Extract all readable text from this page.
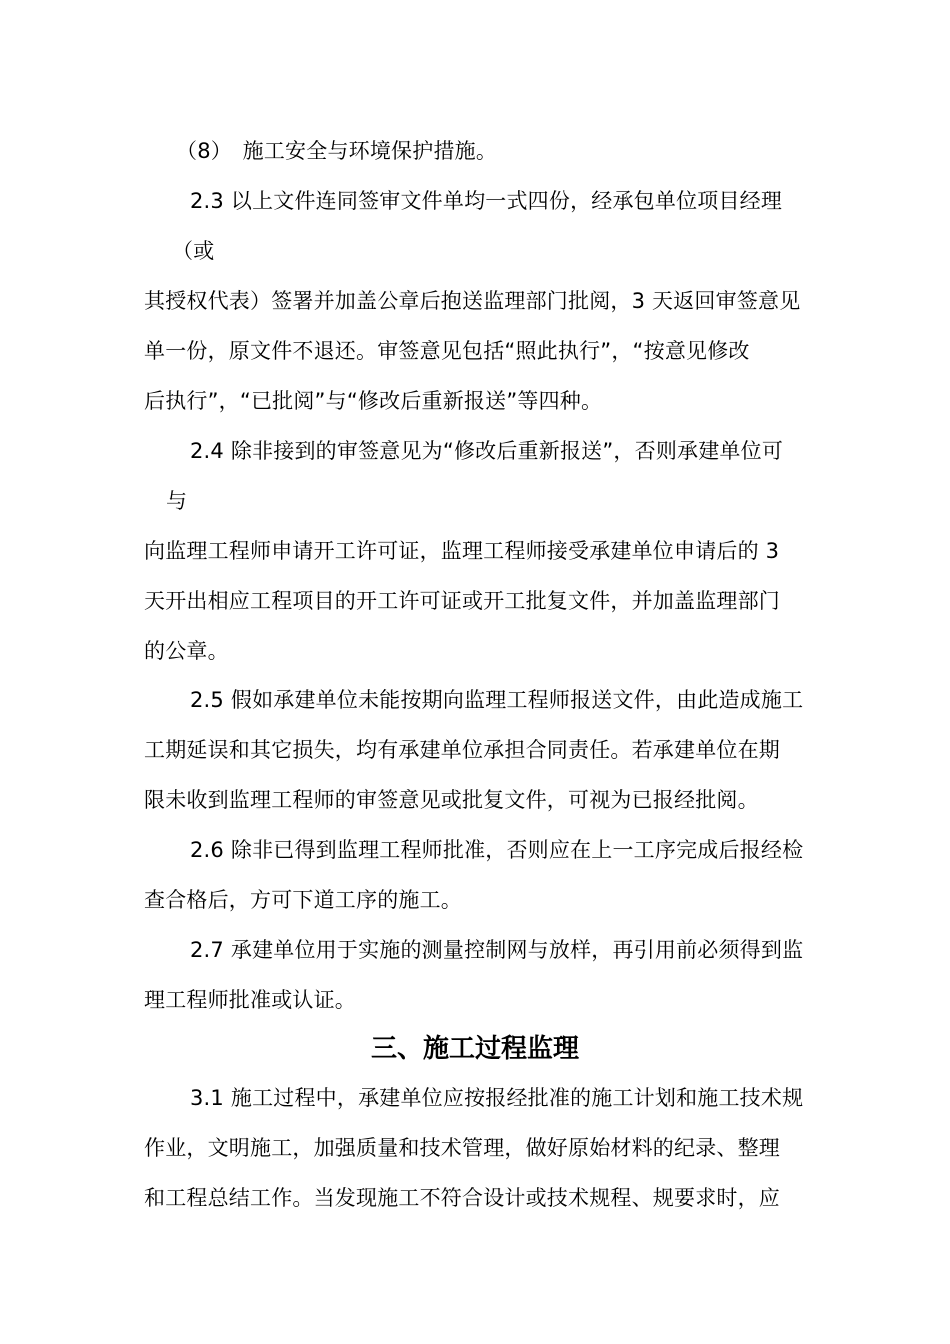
（8）　施工安全与环境保护措施。
2.3 以上文件连同签审文件单均一式四份，经承包单位项目经理
（或
其授权代表）签署并加盖公章后抱送监理部门批阅，3 天返回审签意见
单一份，原文件不退还。审签意见包括“照此执行”，“按意见修改
后执行”，“已批阅”与“修改后重新报送”等四种。
2.4 除非接到的审签意见为“修改后重新报送”，否则承建单位可
与
向监理工程师申请开工许可证，监理工程师接受承建单位申请后的 3
天开出相应工程项目的开工许可证或开工批复文件，并加盖监理部门
的公章。
2.5 假如承建单位未能按期向监理工程师报送文件，由此造成施工
工期延误和其它损失，均有承建单位承担合同责任。若承建单位在期
限未收到监理工程师的审签意见或批复文件，可视为已报经批阅。
2.6 除非已得到监理工程师批准，否则应在上一工序完成后报经检
查合格后，方可下道工序的施工。
2.7 承建单位用于实施的测量控制网与放样，再引用前必须得到监
理工程师批准或认证。
三、施工过程监理
3.1 施工过程中，承建单位应按报经批准的施工计划和施工技术规
作业，文明施工，加强质量和技术管理，做好原始材料的纪录、整理
和工程总结工作。当发现施工不符合设计或技术规程、规要求时，应
